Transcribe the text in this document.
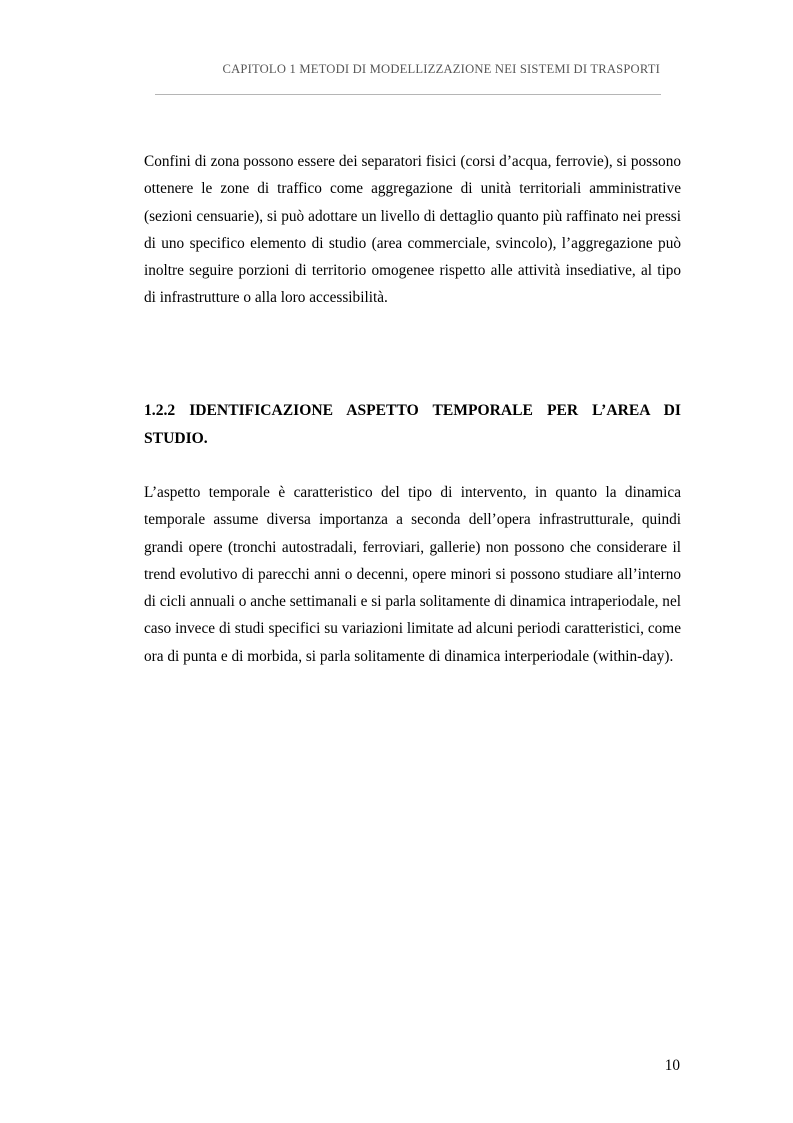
CAPITOLO 1 METODI DI MODELLIZZAZIONE NEI SISTEMI DI TRASPORTI

Confini di zona possono essere dei separatori fisici (corsi d’acqua, ferrovie), si possono ottenere le zone di traffico come aggregazione di unità territoriali amministrative (sezioni censuarie), si può adottare un livello di dettaglio quanto più raffinato nei pressi di uno specifico elemento di studio (area commerciale, svincolo), l’aggregazione può inoltre seguire porzioni di territorio omogenee rispetto alle attività insediative, al tipo di infrastrutture o alla loro accessibilità.

1.2.2 IDENTIFICAZIONE ASPETTO TEMPORALE PER L’AREA DI STUDIO.

L’aspetto temporale è caratteristico del tipo di intervento, in quanto la dinamica temporale assume diversa importanza a seconda dell’opera infrastrutturale, quindi grandi opere (tronchi autostradali, ferroviari, gallerie) non possono che considerare il trend evolutivo di parecchi anni o decenni, opere minori si possono studiare all’interno di cicli annuali o anche settimanali e si parla solitamente di dinamica intraperiodale, nel caso invece di studi specifici su variazioni limitate ad alcuni periodi caratteristici, come ora di punta e di morbida, si parla solitamente di dinamica interperiodale (within-day).

10
